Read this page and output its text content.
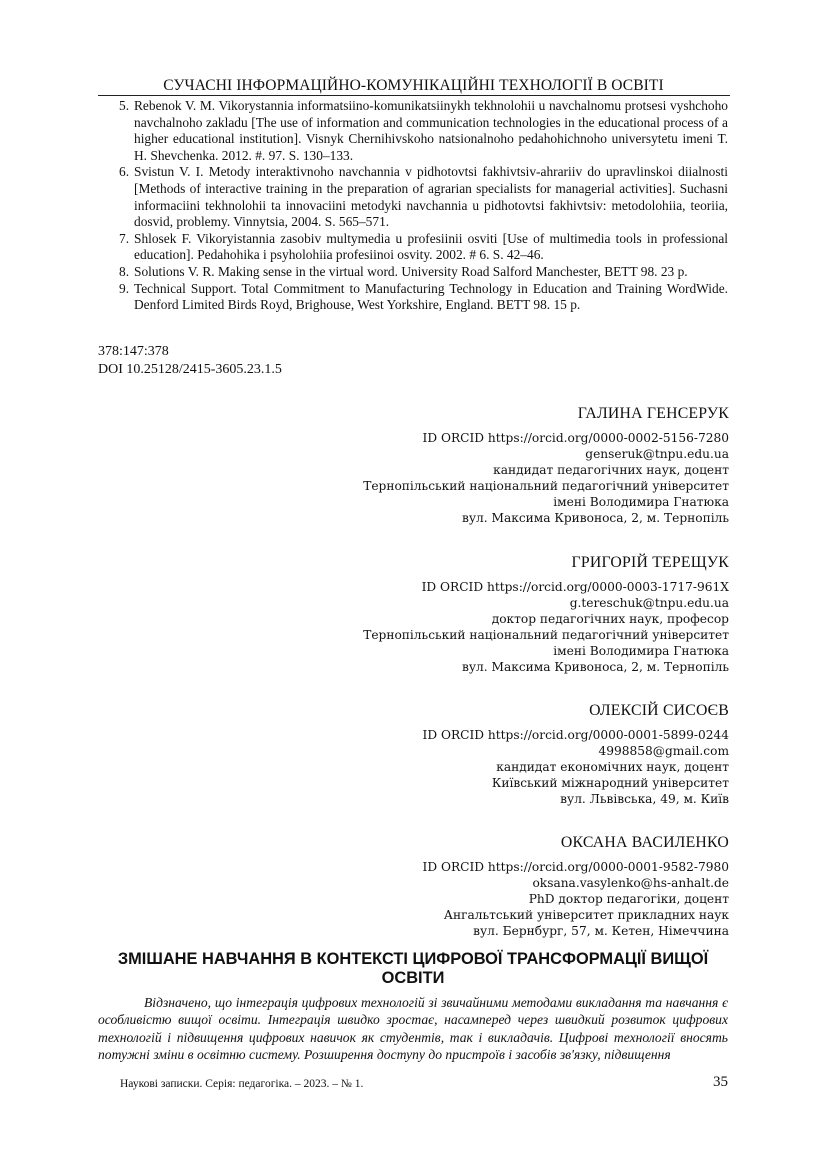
СУЧАСНІ ІНФОРМАЦІЙНО-КОМУНІКАЦІЙНІ ТЕХНОЛОГІЇ В ОСВІТІ
5. Rebenok V. M. Vikorystannia informatsiino-komunikatsiinykh tekhnolohii u navchalnomu protsesi vyshchoho navchalnoho zakladu [The use of information and communication technologies in the educational process of a higher educational institution]. Visnyk Chernihivskoho natsionalnoho pedahohichnoho universytetu imeni T. H. Shevchenka. 2012. #. 97. S. 130–133.
6. Svistun V. I. Metody interaktivnoho navchannia v pidhotovtsi fakhivtsiv-ahrariiv do upravlinskoi diialnosti [Methods of interactive training in the preparation of agrarian specialists for managerial activities]. Suchasni informaciini tekhnolohii ta innovaciini metodyki navchannia u pidhotovtsi fakhivtsiv: metodolohiia, teoriia, dosvid, problemy. Vinnytsia, 2004. S. 565–571.
7. Shlosek F. Vikoryistannia zasobiv multymedia u profesiinii osviti [Use of multimedia tools in professional education]. Pedahohika i psyholohiia profesiinoi osvity. 2002. # 6. S. 42–46.
8. Solutions V. R. Making sense in the virtual word. University Road Salford Manchester, BETT 98. 23 p.
9. Technical Support. Total Commitment to Manufacturing Technology in Education and Training WordWide. Denford Limited Birds Royd, Brighouse, West Yorkshire, England. BETT 98. 15 p.
378:147:378
DOI 10.25128/2415-3605.23.1.5
ГАЛИНА ГЕНСЕРУК
ID ORCID https://orcid.org/0000-0002-5156-7280
genseruk@tnpu.edu.ua
кандидат педагогічних наук, доцент
Тернопільський національний педагогічний університет
імені Володимира Гнатюка
вул. Максима Кривоноса, 2, м. Тернопіль
ГРИГОРІЙ ТЕРЕЩУК
ID ORCID https://orcid.org/0000-0003-1717-961X
g.tereschuk@tnpu.edu.ua
доктор педагогічних наук, професор
Тернопільський національний педагогічний університет
імені Володимира Гнатюка
вул. Максима Кривоноса, 2, м. Тернопіль
ОЛЕКСІЙ СИСОЄВ
ID ORCID https://orcid.org/0000-0001-5899-0244
4998858@gmail.com
кандидат економічних наук, доцент
Київський міжнародний університет
вул. Львівська, 49, м. Київ
ОКСАНА ВАСИЛЕНКО
ID ORCID https://orcid.org/0000-0001-9582-7980
oksana.vasylenko@hs-anhalt.de
PhD доктор педагогіки, доцент
Ангальтський університет прикладних наук
вул. Бернбург, 57, м. Кетен, Німеччина
ЗМІШАНЕ НАВЧАННЯ В КОНТЕКСТІ ЦИФРОВОЇ ТРАНСФОРМАЦІЇ ВИЩОЇ ОСВІТИ
Відзначено, що інтеграція цифрових технологій зі звичайними методами викладання та навчання є особливістю вищої освіти. Інтеграція швидко зростає, насамперед через швидкий розвиток цифрових технологій і підвищення цифрових навичок як студентів, так і викладачів. Цифрові технології вносять потужні зміни в освітню систему. Розширення доступу до пристроїв і засобів зв'язку, підвищення
Наукові записки. Серія: педагогіка. – 2023. – № 1.	35
